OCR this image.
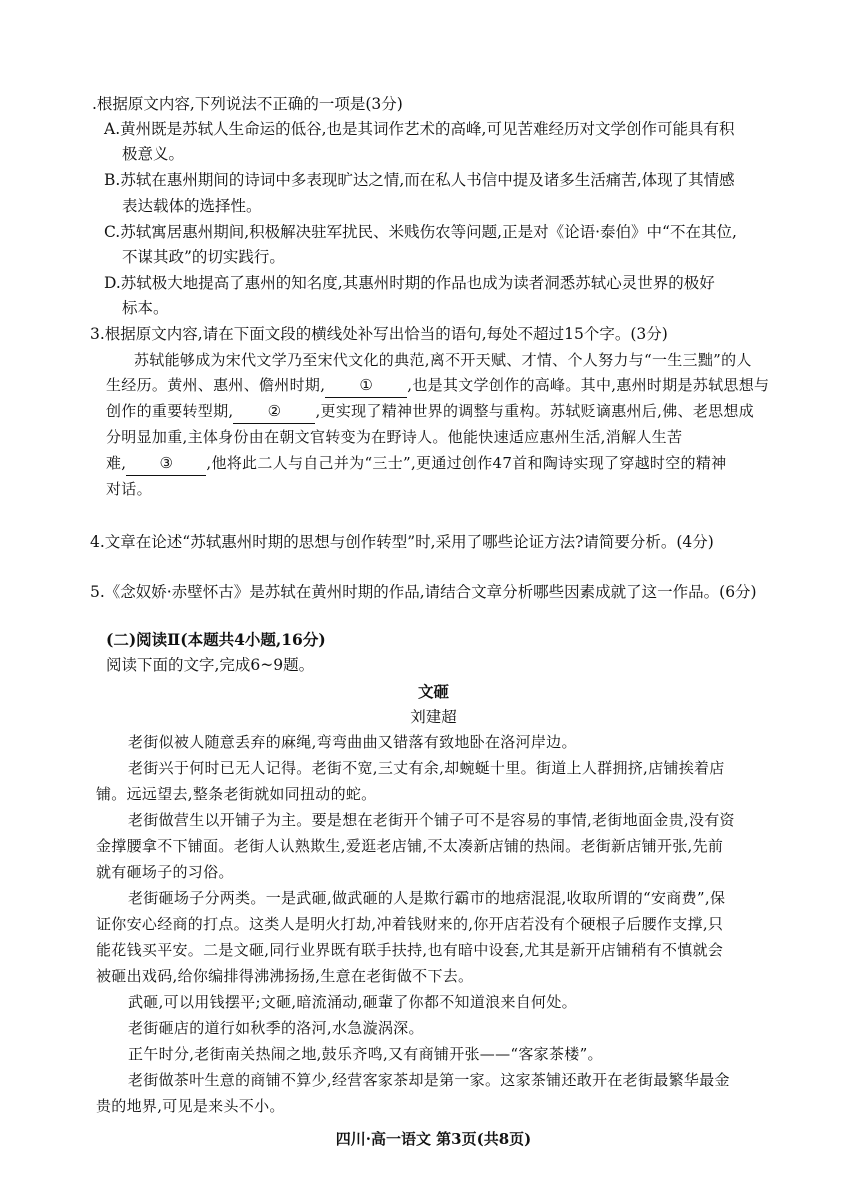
.根据原文内容,下列说法不正确的一项是(3分)
A.黄州既是苏轼人生命运的低谷,也是其词作艺术的高峰,可见苦难经历对文学创作可能具有积
极意义。
B.苏轼在惠州期间的诗词中多表现旷达之情,而在私人书信中提及诸多生活痛苦,体现了其情感
表达载体的选择性。
C.苏轼寓居惠州期间,积极解决驻军扰民、米贱伤农等问题,正是对《论语·泰伯》中“不在其位,
不谋其政”的切实践行。
D.苏轼极大地提高了惠州的知名度,其惠州时期的作品也成为读者洞悉苏轼心灵世界的极好
标本。
3.根据原文内容,请在下面文段的横线处补写出恰当的语句,每处不超过15个字。(3分)
苏轼能够成为宋代文学乃至宋代文化的典范,离不开天赋、才情、个人努力与“一生三黜”的人
生经历。黄州、惠州、儋州时期, ① ,也是其文学创作的高峰。其中,惠州时期是苏轼思想与
创作的重要转型期, ② ,更实现了精神世界的调整与重构。苏轼贬谪惠州后,佛、老思想成
分明显加重,主体身份由在朝文官转变为在野诗人。他能快速适应惠州生活,消解人生苦
难, ③ ,他将此二人与自己并为“三士”,更通过创作47首和陶诗实现了穿越时空的精神
对话。
4.文章在论述“苏轼惠州时期的思想与创作转型”时,采用了哪些论证方法?请简要分析。(4分)
5.《念奴娇·赤壁怀古》是苏轼在黄州时期的作品,请结合文章分析哪些因素成就了这一作品。(6分)
(二)阅读Ⅱ(本题共4小题,16分)
阅读下面的文字,完成6~9题。
文砸
刘建超
老街似被人随意丢弃的麻绳,弯弯曲曲又错落有致地卧在洛河岸边。
老街兴于何时已无人记得。老街不宽,三丈有余,却蜿蜒十里。街道上人群拥挤,店铺挨着店
铺。远远望去,整条老街就如同扭动的蛇。
老街做营生以开铺子为主。要是想在老街开个铺子可不是容易的事情,老街地面金贵,没有资
金撑腰拿不下铺面。老街人认熟欺生,爱逛老店铺,不太凑新店铺的热闹。老街新店铺开张,先前
就有砸场子的习俗。
老街砸场子分两类。一是武砸,做武砸的人是欺行霸市的地痞混混,收取所谓的“安商费”,保
证你安心经商的打点。这类人是明火打劫,冲着钱财来的,你开店若没有个硬根子后腰作支撑,只
能花钱买平安。二是文砸,同行业界既有联手扶持,也有暗中设套,尤其是新开店铺稍有不慎就会
被砸出戏码,给你编排得沸沸扬扬,生意在老街做不下去。
武砸,可以用钱摆平;文砸,暗流涌动,砸軰了你都不知道浪来自何处。
老街砸店的道行如秋季的洛河,水急漩涡深。
正午时分,老街南关热闹之地,鼓乐齐鸣,又有商铺开张——“客家茶楼”。
老街做茶叶生意的商铺不算少,经营客家茶却是第一家。这家茶铺还敢开在老街最繁华最金
贵的地界,可见是来头不小。
四川·高一语文 第3页(共8页)
